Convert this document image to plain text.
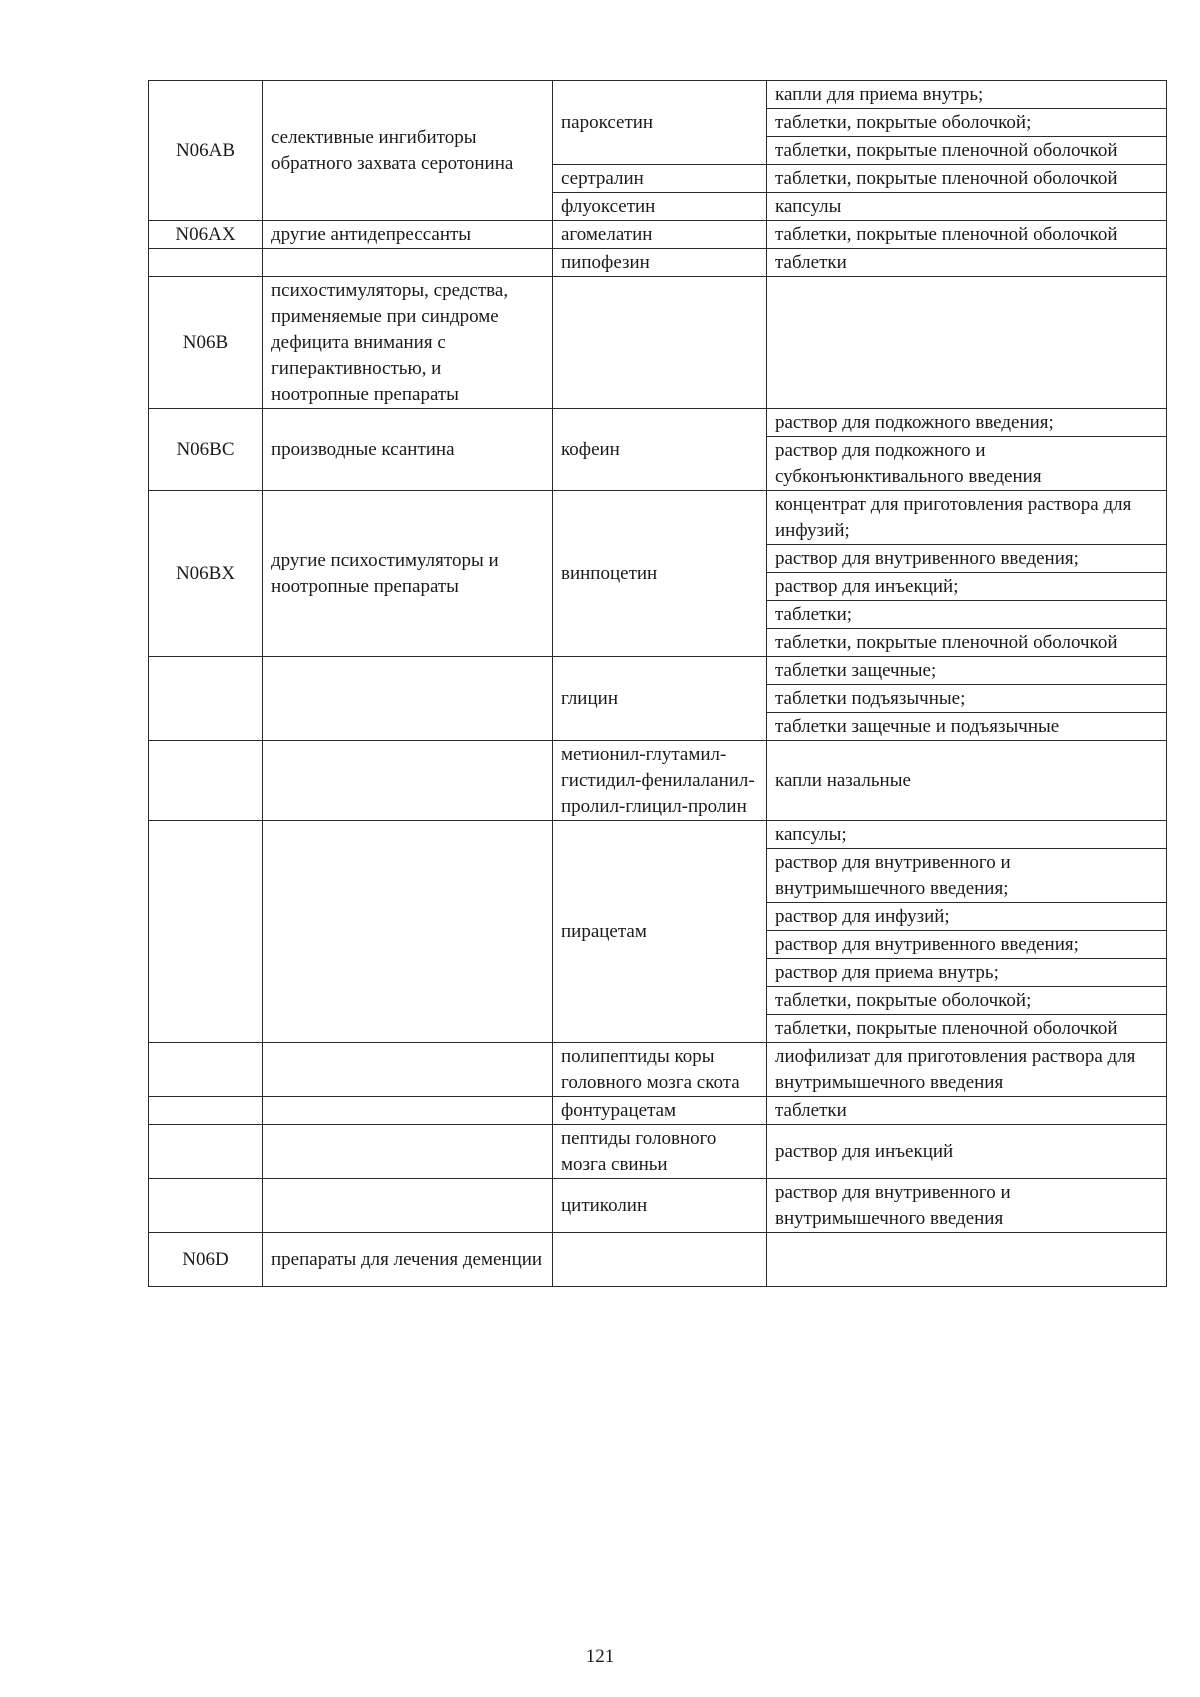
N06AB	селективные ингибиторы обратного захвата серотонина	пароксетин	капли для приема внутрь;
			таблетки, покрытые оболочкой;
			таблетки, покрытые пленочной оболочкой
		сертралин	таблетки, покрытые пленочной оболочкой
		флуоксетин	капсулы
N06AX	другие антидепрессанты	агомелатин	таблетки, покрытые пленочной оболочкой
		пипофезин	таблетки
N06B	психостимуляторы, средства, применяемые при синдроме дефицита внимания с гиперактивностью, и ноотропные препараты		
N06BC	производные ксантина	кофеин	раствор для подкожного введения;
			раствор для подкожного и субконъюнктивального введения
N06BX	другие психостимуляторы и ноотропные препараты	винпоцетин	концентрат для приготовления раствора для инфузий;
			раствор для внутривенного введения;
			раствор для инъекций;
			таблетки;
			таблетки, покрытые пленочной оболочкой
		глицин	таблетки защечные;
			таблетки подъязычные;
			таблетки защечные и подъязычные
		метионил-глутамил-гистидил-фенилаланил-пролил-глицил-пролин	капли назальные
		пирацетам	капсулы;
			раствор для внутривенного и внутримышечного введения;
			раствор для инфузий;
			раствор для внутривенного введения;
			раствор для приема внутрь;
			таблетки, покрытые оболочкой;
			таблетки, покрытые пленочной оболочкой
		полипептиды коры головного мозга скота	лиофилизат для приготовления раствора для внутримышечного введения
		фонтурацетам	таблетки
		пептиды головного мозга свиньи	раствор для инъекций
		цитиколин	раствор для внутривенного и внутримышечного введения
N06D	препараты для лечения деменции		
121
